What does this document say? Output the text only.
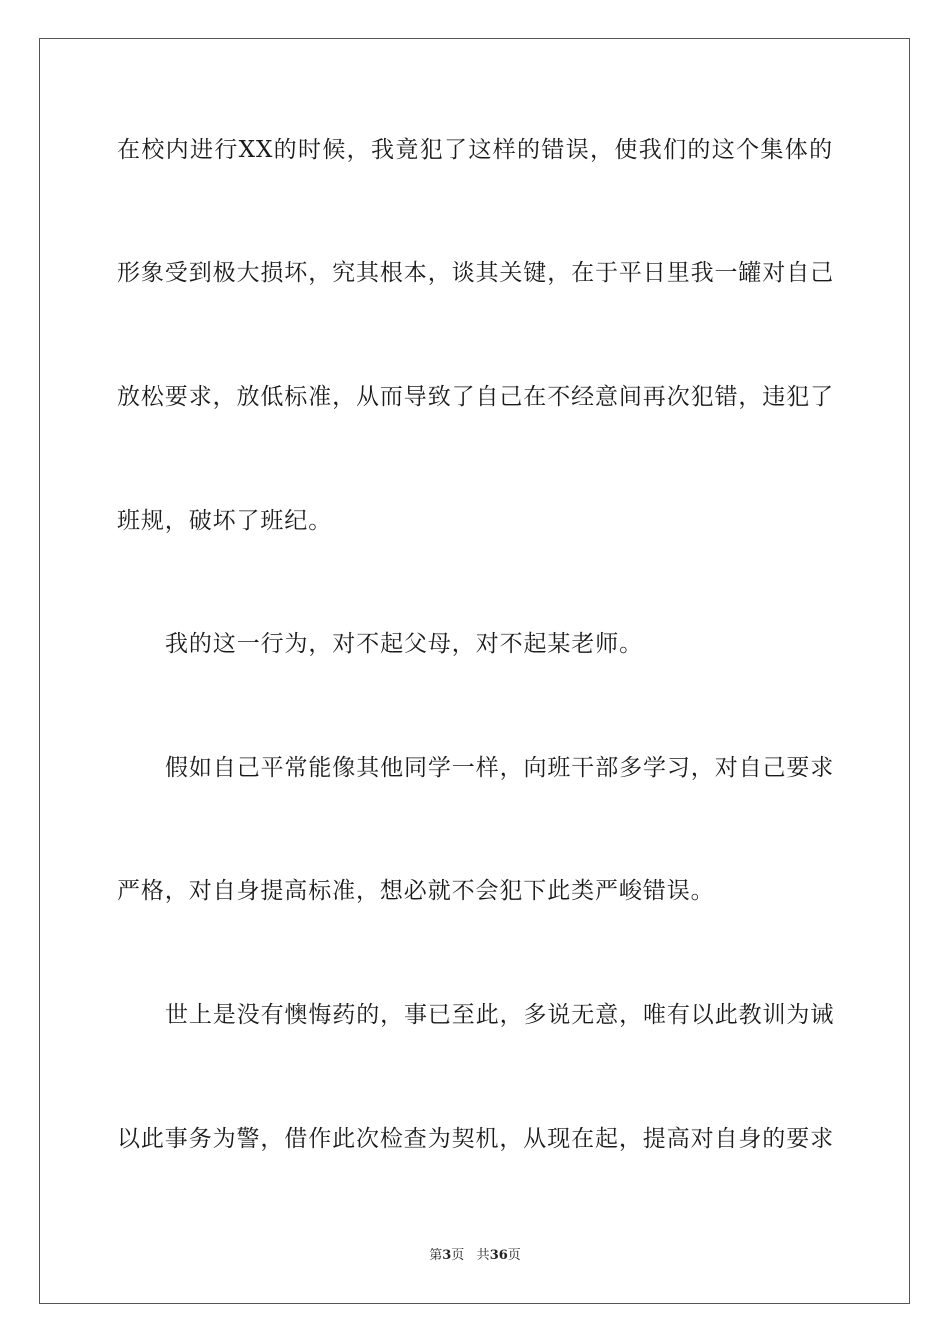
在校内进行XX的时候，我竟犯了这样的错误，使我们的这个集体的
形象受到极大损坏，究其根本，谈其关键，在于平日里我一罐对自己
放松要求，放低标准，从而导致了自己在不经意间再次犯错，违犯了
班规，破坏了班纪。
我的这一行为，对不起父母，对不起某老师。
假如自己平常能像其他同学一样，向班干部多学习，对自己要求
严格，对自身提高标准，想必就不会犯下此类严峻错误。
世上是没有懊悔药的，事已至此，多说无意，唯有以此教训为诫
以此事务为警，借作此次检查为契机，从现在起，提高对自身的要求
第3页 共36页
